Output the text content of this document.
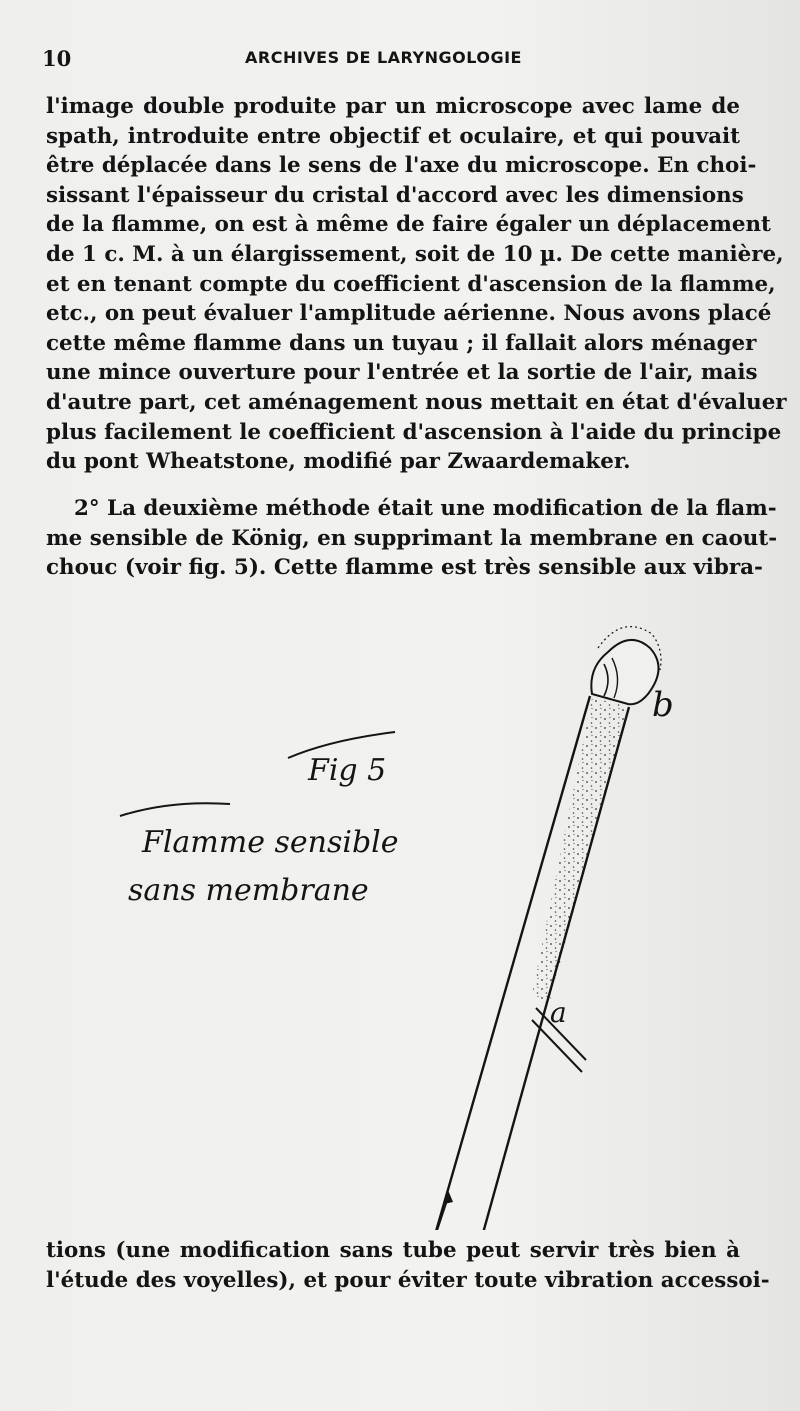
10	ARCHIVES DE LARYNGOLOGIE
l'image double produite par un microscope avec lame de
spath, introduite entre objectif et oculaire, et qui pouvait
être déplacée dans le sens de l'axe du microscope. En choi-
sissant l'épaisseur du cristal d'accord avec les dimensions
de la flamme, on est à même de faire égaler un déplacement
de 1 c. M. à un élargissement, soit de 10 µ. De cette manière,
et en tenant compte du coefficient d'ascension de la flamme,
etc., on peut évaluer l'amplitude aérienne. Nous avons placé
cette même flamme dans un tuyau ; il fallait alors ménager
une mince ouverture pour l'entrée et la sortie de l'air, mais
d'autre part, cet aménagement nous mettait en état d'évaluer
plus facilement le coefficient d'ascension à l'aide du principe
du pont Wheatstone, modifié par Zwaardemaker.
2° La deuxième méthode était une modification de la flam-
me sensible de König, en supprimant la membrane en caout-
chouc (voir fig. 5). Cette flamme est très sensible aux vibra-
Fig 5
Flamme sensible
sans membrane
b
a
tions (une modification sans tube peut servir très bien à
l'étude des voyelles), et pour éviter toute vibration accessoi-
